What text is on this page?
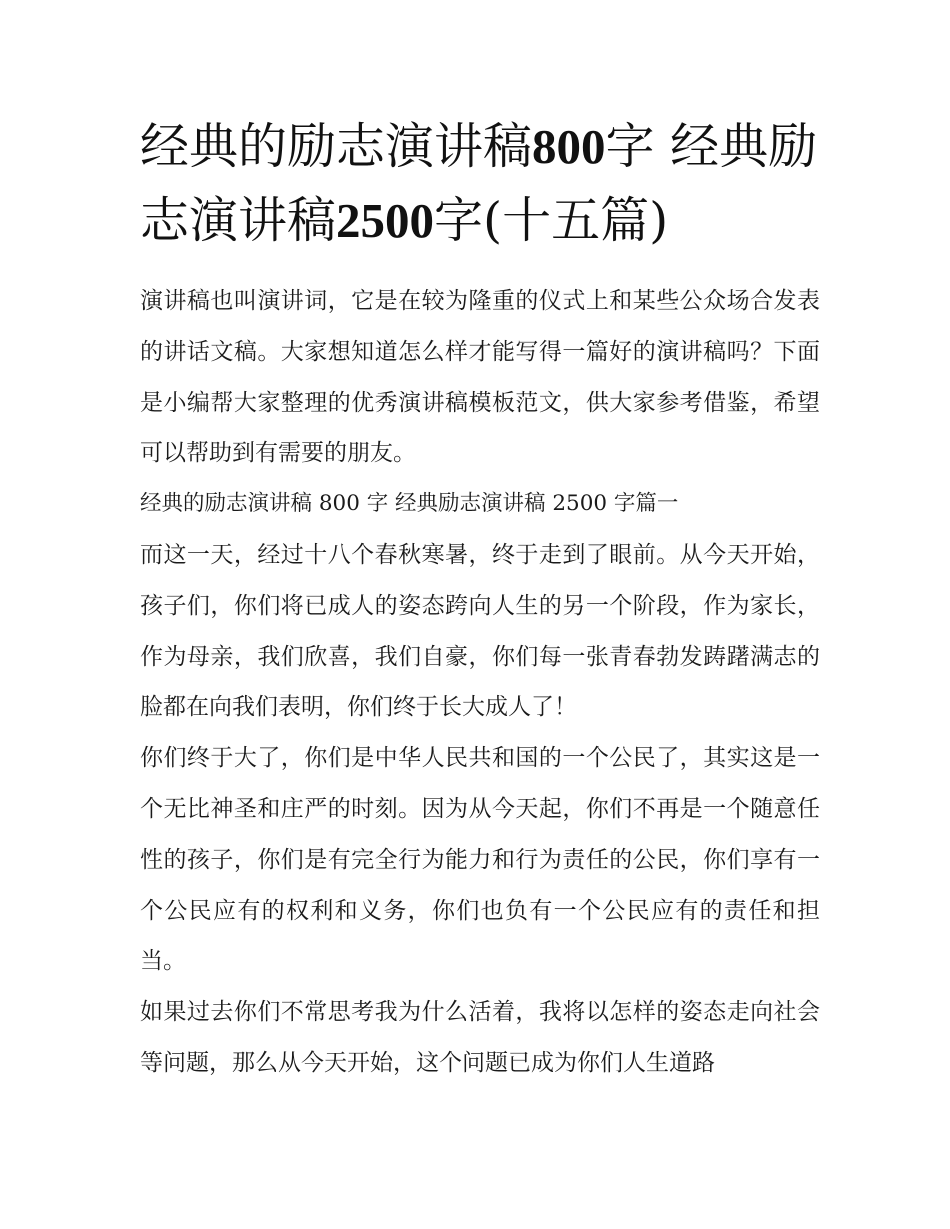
经典的励志演讲稿800字 经典励志演讲稿2500字(十五篇)

演讲稿也叫演讲词，它是在较为隆重的仪式上和某些公众场合发表的讲话文稿。大家想知道怎么样才能写得一篇好的演讲稿吗？下面是小编帮大家整理的优秀演讲稿模板范文，供大家参考借鉴，希望可以帮助到有需要的朋友。

经典的励志演讲稿 800 字 经典励志演讲稿 2500 字篇一

而这一天，经过十八个春秋寒暑，终于走到了眼前。从今天开始，孩子们，你们将已成人的姿态跨向人生的另一个阶段，作为家长，作为母亲，我们欣喜，我们自豪，你们每一张青春勃发踌躇满志的脸都在向我们表明，你们终于长大成人了！

你们终于大了，你们是中华人民共和国的一个公民了，其实这是一个无比神圣和庄严的时刻。因为从今天起，你们不再是一个随意任性的孩子，你们是有完全行为能力和行为责任的公民，你们享有一个公民应有的权利和义务，你们也负有一个公民应有的责任和担当。

如果过去你们不常思考我为什么活着，我将以怎样的姿态走向社会等问题，那么从今天开始，这个问题已成为你们人生道路
